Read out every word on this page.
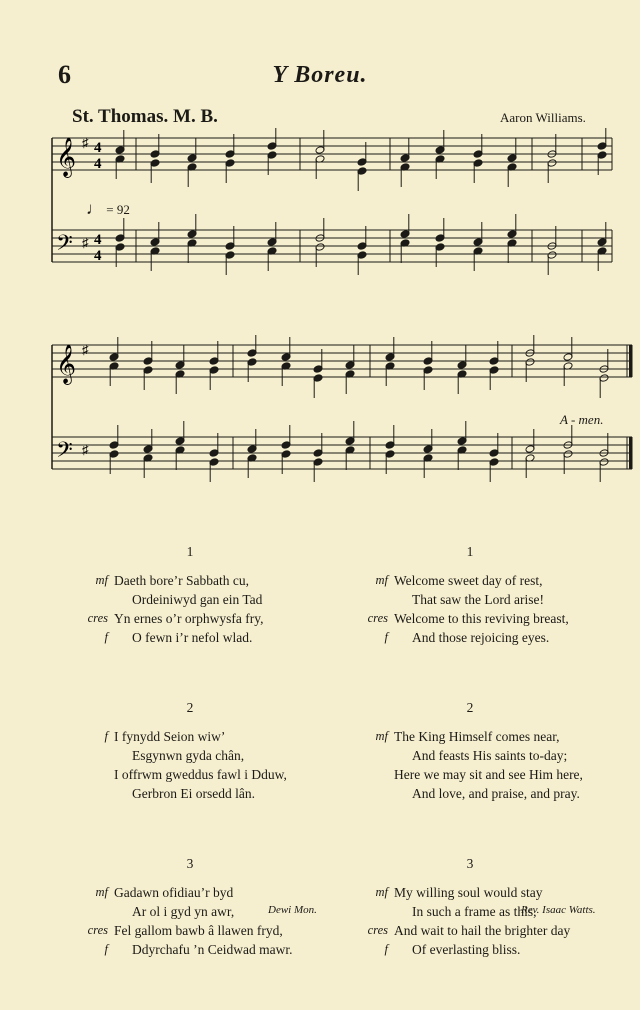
6	Y Boreu.
St. Thomas. M. B.	Aaron Williams.
♩ = 92
𝄞 ♯ 4
4
𝄢 ♯ 4
4
𝄞 ♯
𝄢 ♯
A - men.
1
mf Daeth bore’r Sabbath cu,
Ordeiniwyd gan ein Tad
cres Yn ernes o’r orphwysfa fry,
f O fewn i’r nefol wlad.
2
f I fynydd Seion wiw’
Esgynwn gyda chân,
I offrwm gweddus fawl i Dduw,
Gerbron Ei orsedd lân.
3
mf Gadawn ofidiau’r byd
Ar ol i gyd yn awr,
cres Fel gallom bawb â llawen fryd,
f Ddyrchafu ’n Ceidwad mawr.
1
mf Welcome sweet day of rest,
That saw the Lord arise!
cres Welcome to this reviving breast,
f And those rejoicing eyes.
2
mf The King Himself comes near,
And feasts His saints to-day;
Here we may sit and see Him here,
And love, and praise, and pray.
3
mf My willing soul would stay
In such a frame as this,
cres And wait to hail the brighter day
f Of everlasting bliss.
Dewi Mon.	Rev. Isaac Watts.
